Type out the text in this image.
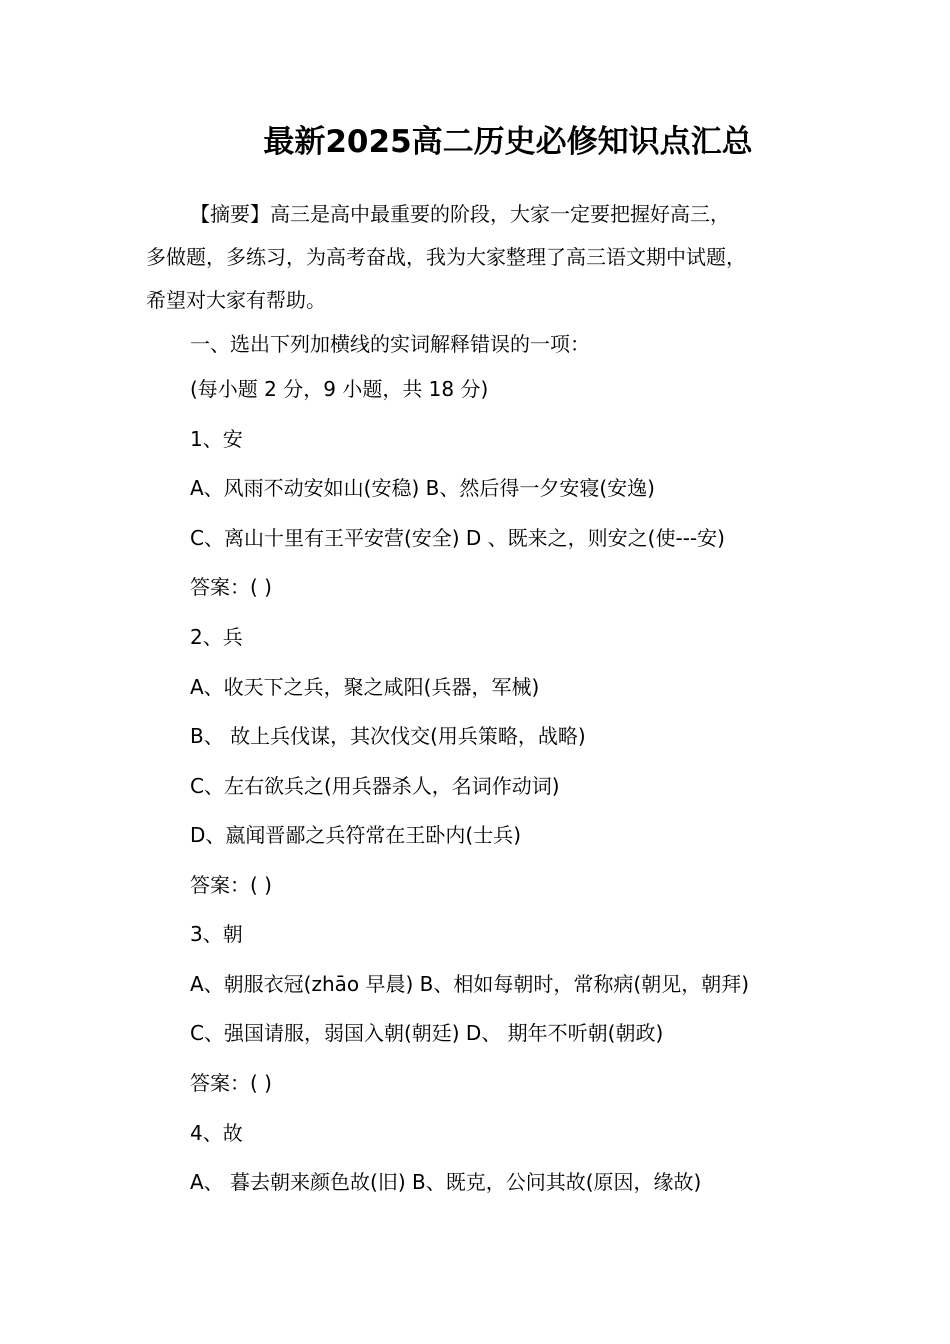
最新2025高二历史必修知识点汇总

【摘要】高三是高中最重要的阶段，大家一定要把握好高三，

多做题，多练习，为高考奋战，我为大家整理了高三语文期中试题，

希望对大家有帮助。

一、选出下列加横线的实词解释错误的一项：

(每小题 2 分，9 小题，共 18 分)

1、安

A、风雨不动安如山(安稳) B、然后得一夕安寝(安逸)

C、离山十里有王平安营(安全) D 、既来之，则安之(使---安)

答案：( )

2、兵

A、收天下之兵，聚之咸阳(兵器，军械)

B、 故上兵伐谋，其次伐交(用兵策略，战略)

C、左右欲兵之(用兵器杀人，名词作动词)

D、嬴闻晋鄙之兵符常在王卧内(士兵)

答案：( )

3、朝

A、朝服衣冠(zhāo 早晨) B、相如每朝时，常称病(朝见，朝拜)

C、强国请服，弱国入朝(朝廷) D、 期年不听朝(朝政)

答案：( )

4、故

A、 暮去朝来颜色故(旧) B、既克，公问其故(原因，缘故)
